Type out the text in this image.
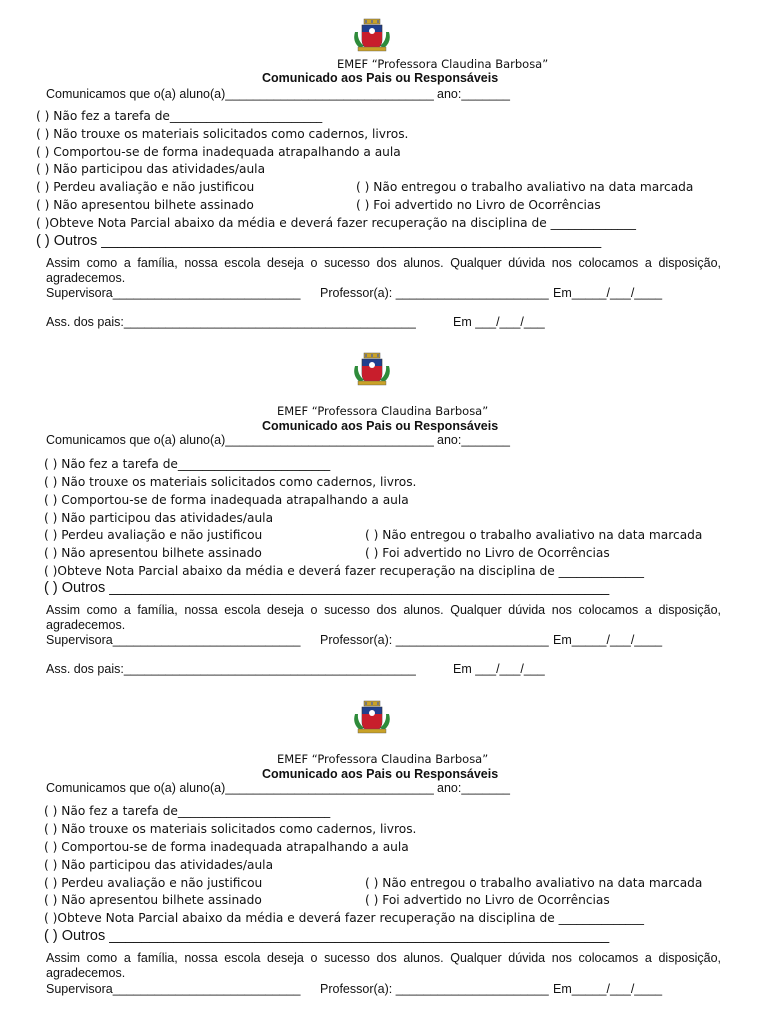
EMEF “Professora Claudina Barbosa”
Comunicado aos Pais ou Responsáveis
Comunicamos que o(a) aluno(a)______________________________ ano:_______
( ) Não fez a tarefa de_________________________
( ) Não trouxe os materiais solicitados como cadernos, livros.
( ) Comportou-se de forma inadequada atrapalhando a aula
( ) Não participou das atividades/aula
( ) Perdeu avaliação e não justificou	( ) Não entregou o trabalho avaliativo na data marcada
( ) Não apresentou bilhete assinado	( ) Foi advertido no Livro de Ocorrências
( )Obteve Nota Parcial abaixo da média e deverá fazer recuperação na disciplina de ______________
( ) Outros ______________________________________________________________
Assim como a família, nossa escola deseja o sucesso dos alunos. Qualquer dúvida nos colocamos a disposição, agradecemos.
Supervisora___________________________ Professor(a): ______________________ Em_____/___/____
Ass. dos pais:__________________________________________	Em ___/___/___
EMEF “Professora Claudina Barbosa”
Comunicado aos Pais ou Responsáveis
Comunicamos que o(a) aluno(a)______________________________ ano:_______
( ) Não fez a tarefa de_________________________
( ) Não trouxe os materiais solicitados como cadernos, livros.
( ) Comportou-se de forma inadequada atrapalhando a aula
( ) Não participou das atividades/aula
( ) Perdeu avaliação e não justificou	( ) Não entregou o trabalho avaliativo na data marcada
( ) Não apresentou bilhete assinado	( ) Foi advertido no Livro de Ocorrências
( )Obteve Nota Parcial abaixo da média e deverá fazer recuperação na disciplina de ______________
( ) Outros ______________________________________________________________
Assim como a família, nossa escola deseja o sucesso dos alunos. Qualquer dúvida nos colocamos a disposição, agradecemos.
Supervisora___________________________ Professor(a): ______________________ Em_____/___/____
Ass. dos pais:__________________________________________	Em ___/___/___
EMEF “Professora Claudina Barbosa”
Comunicado aos Pais ou Responsáveis
Comunicamos que o(a) aluno(a)______________________________ ano:_______
( ) Não fez a tarefa de_________________________
( ) Não trouxe os materiais solicitados como cadernos, livros.
( ) Comportou-se de forma inadequada atrapalhando a aula
( ) Não participou das atividades/aula
( ) Perdeu avaliação e não justificou	( ) Não entregou o trabalho avaliativo na data marcada
( ) Não apresentou bilhete assinado	( ) Foi advertido no Livro de Ocorrências
( )Obteve Nota Parcial abaixo da média e deverá fazer recuperação na disciplina de ______________
( ) Outros ______________________________________________________________
Assim como a família, nossa escola deseja o sucesso dos alunos. Qualquer dúvida nos colocamos a disposição, agradecemos.
Supervisora___________________________ Professor(a): ______________________ Em_____/___/____
